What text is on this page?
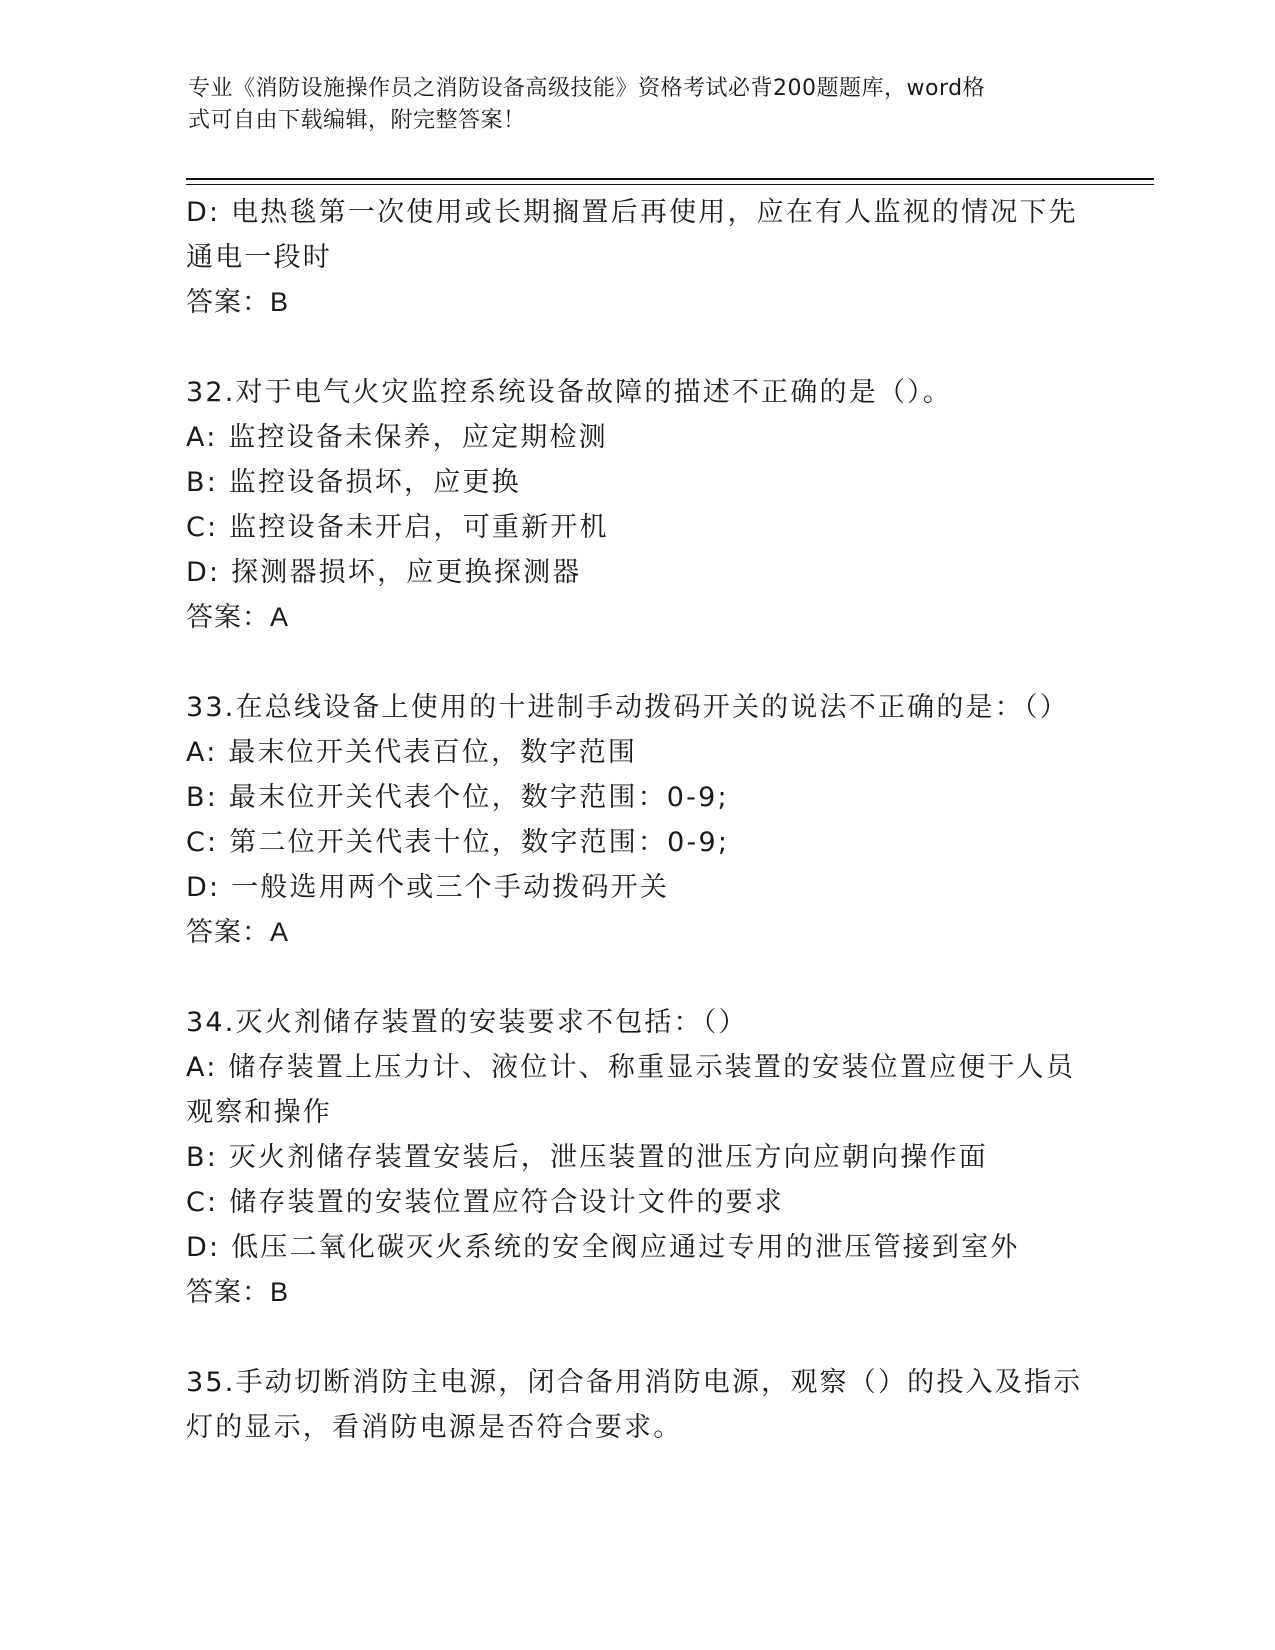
专业《消防设施操作员之消防设备高级技能》资格考试必背200题题库，word格
式可自由下载编辑，附完整答案！
D: 电热毯第一次使用或长期搁置后再使用，应在有人监视的情况下先
通电一段时
答案：B
32.对于电气火灾监控系统设备故障的描述不正确的是（）。
A: 监控设备未保养，应定期检测
B: 监控设备损坏，应更换
C: 监控设备未开启，可重新开机
D: 探测器损坏，应更换探测器
答案：A
33.在总线设备上使用的十进制手动拨码开关的说法不正确的是：（）
A: 最末位开关代表百位，数字范围
B: 最末位开关代表个位，数字范围：0-9;
C: 第二位开关代表十位，数字范围：0-9;
D: 一般选用两个或三个手动拨码开关
答案：A
34.灭火剂储存装置的安装要求不包括：（）
A: 储存装置上压力计、液位计、称重显示装置的安装位置应便于人员
观察和操作
B: 灭火剂储存装置安装后，泄压装置的泄压方向应朝向操作面
C: 储存装置的安装位置应符合设计文件的要求
D: 低压二氧化碳灭火系统的安全阀应通过专用的泄压管接到室外
答案：B
35.手动切断消防主电源，闭合备用消防电源，观察（）的投入及指示
灯的显示，看消防电源是否符合要求。
